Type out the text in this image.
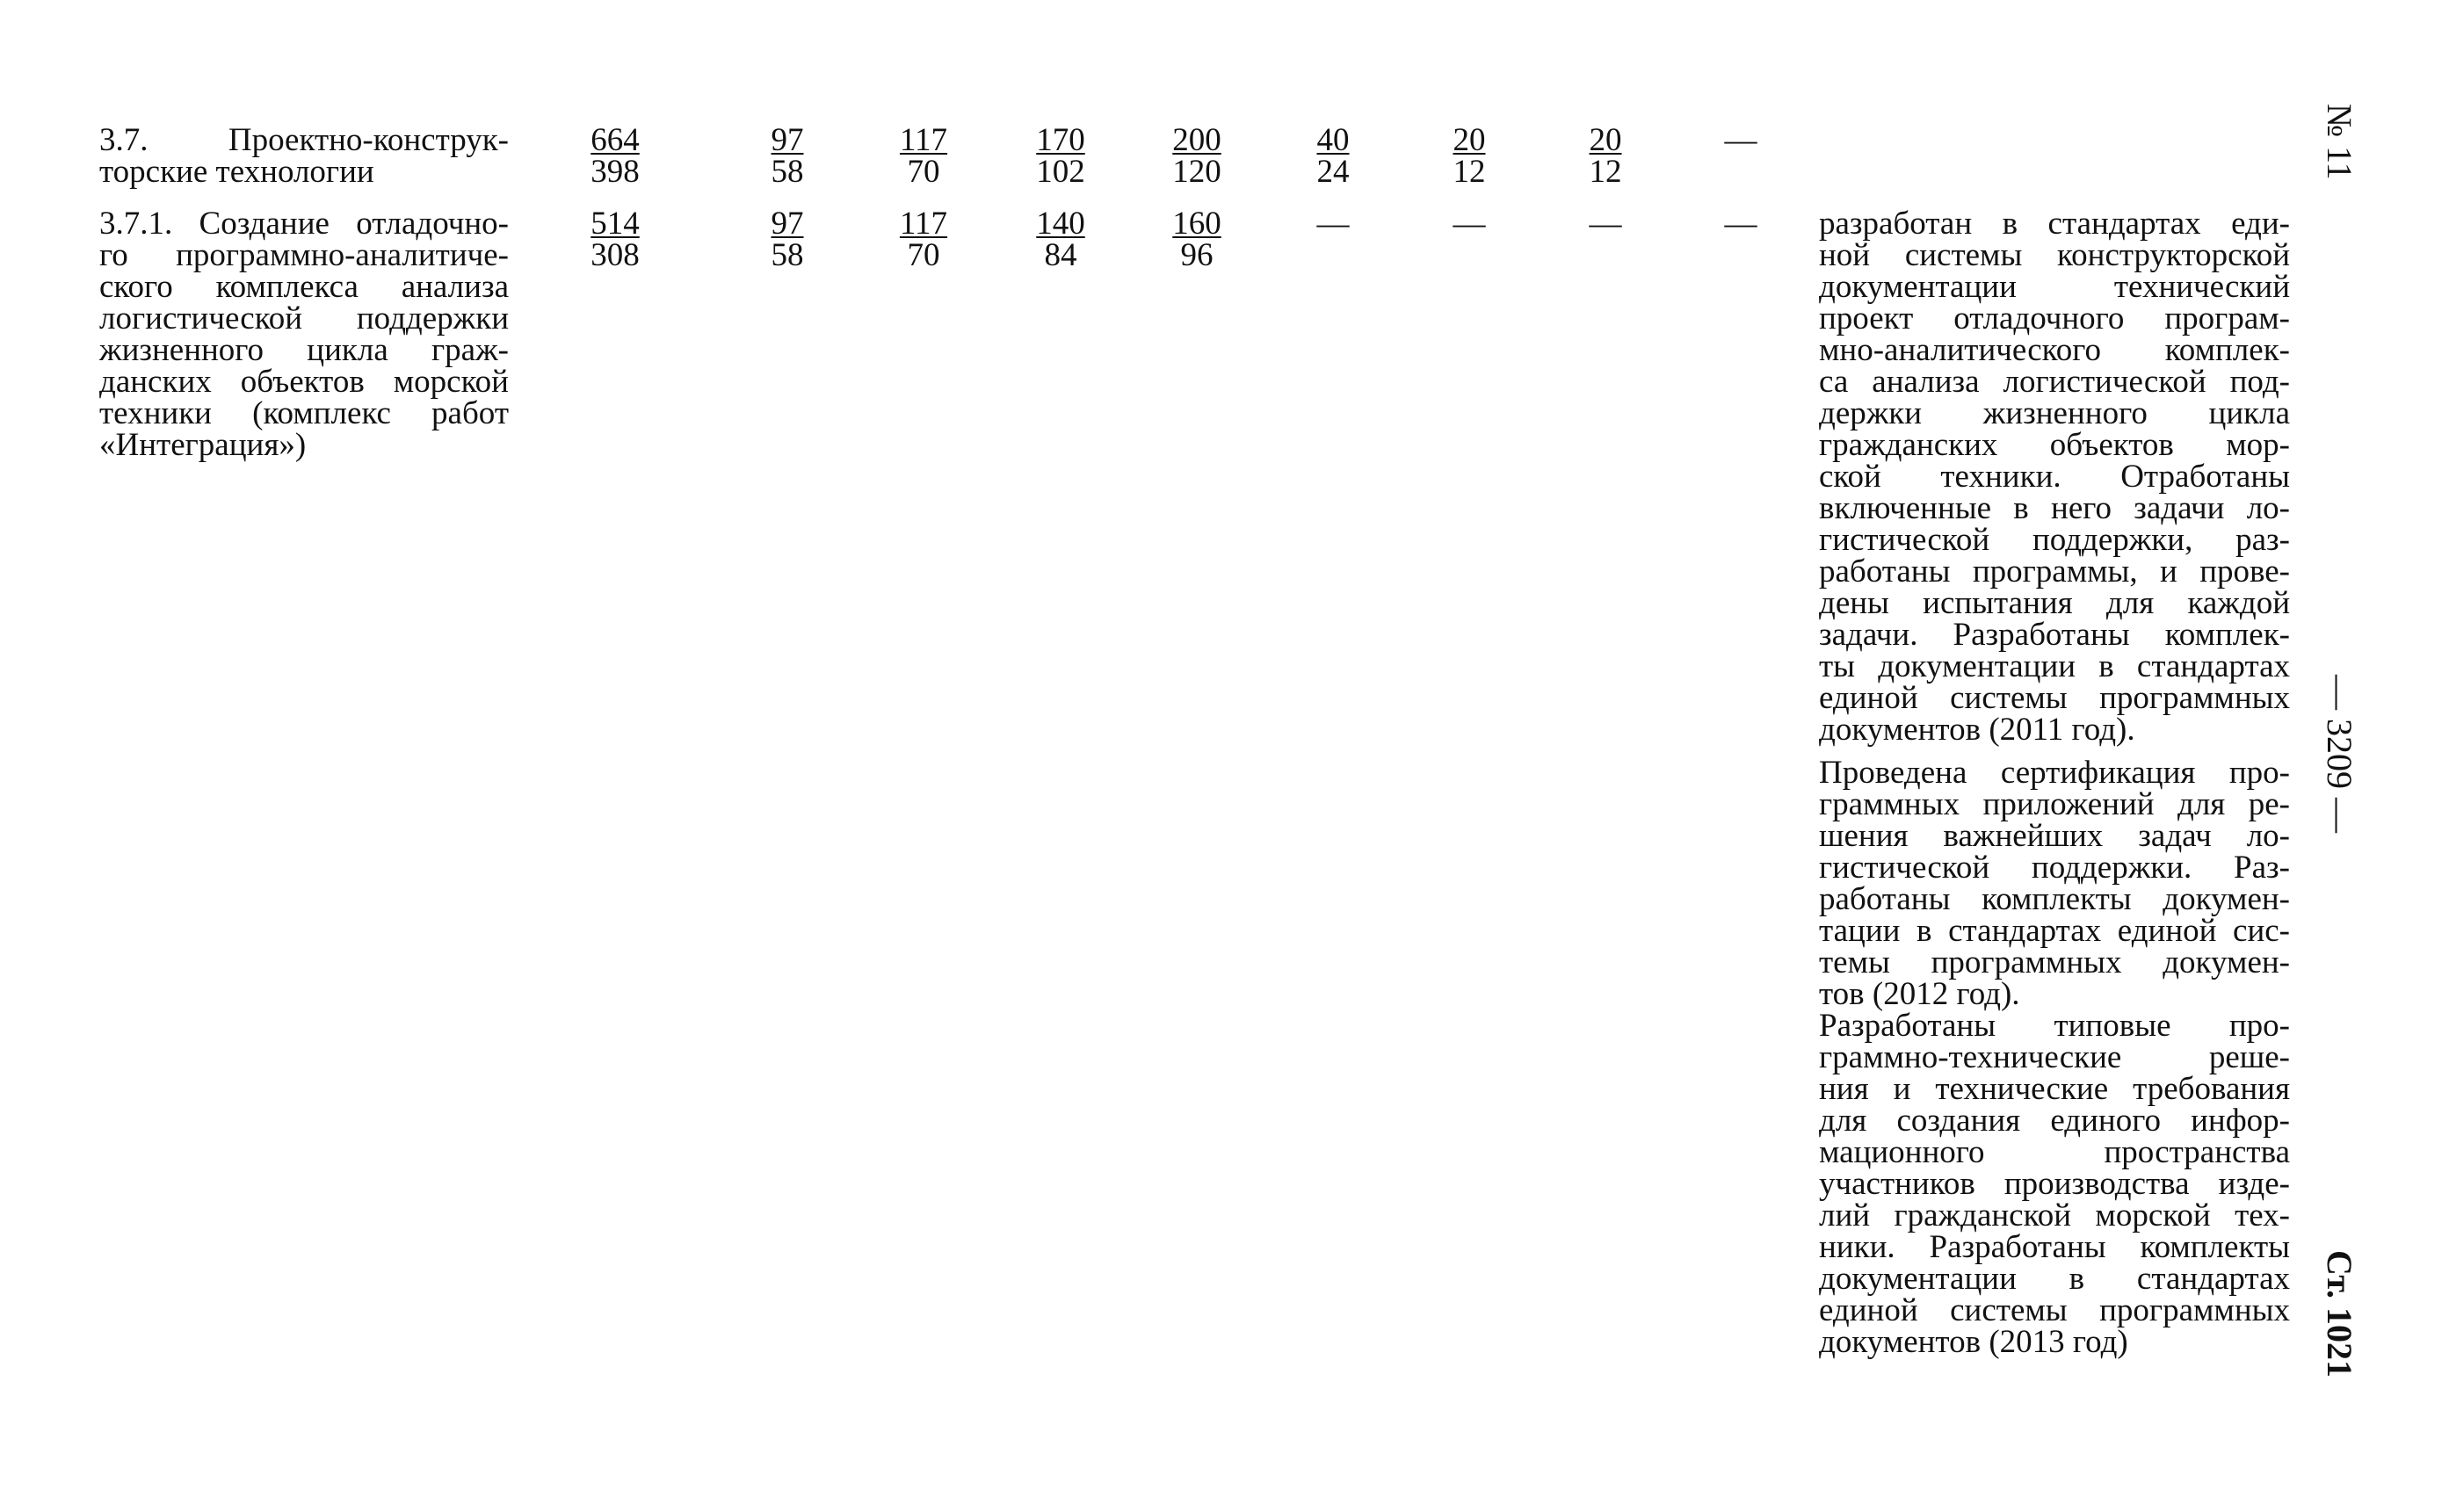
3.7. Проектно-конструк-
торские технологии	$\frac{664}{398} \frac{97}{58} \frac{117}{70} \frac{170}{102} \frac{200}{120} \frac{40}{24} \frac{20}{12} \frac{20}{12}$	—
3.7.1. Создание отладочно-
го программно-аналитиче-
ского комплекса анализа
логистической поддержки
жизненного цикла граж-
данских объектов морской
техники (комплекс работ
«Интеграция»)
$\frac{514}{308} \frac{97}{58} \frac{117}{70} \frac{140}{84} \frac{160}{96}$	—	—	—	—	разработан в стандартах еди-
ной системы конструкторской
документации технический
проект отладочного програм-
мно-аналитического комплек-
са анализа логистической под-
держки жизненного цикла
гражданских объектов мор-
ской техники. Отработаны
включенные в него задачи ло-
гистической поддержки, раз-
работаны программы, и прове-
дены испытания для каждой
задачи. Разработаны комплек-
ты документации в стандартах
единой системы программных
документов (2011 год).
Проведена сертификация про-
граммных приложений для ре-
шения важнейших задач ло-
гистической поддержки. Раз-
работаны комплекты докумен-
тации в стандартах единой сис-
темы программных докумен-
тов (2012 год).
Разработаны типовые про-
граммно-технические реше-
ния и технические требования
для создания единого инфор-
мационного пространства
участников производства изде-
лий гражданской морской тех-
ники. Разработаны комплекты
документации в стандартах
единой системы программных
документов (2013 год)
№ 11
— 3209 —
Ст. 1021
